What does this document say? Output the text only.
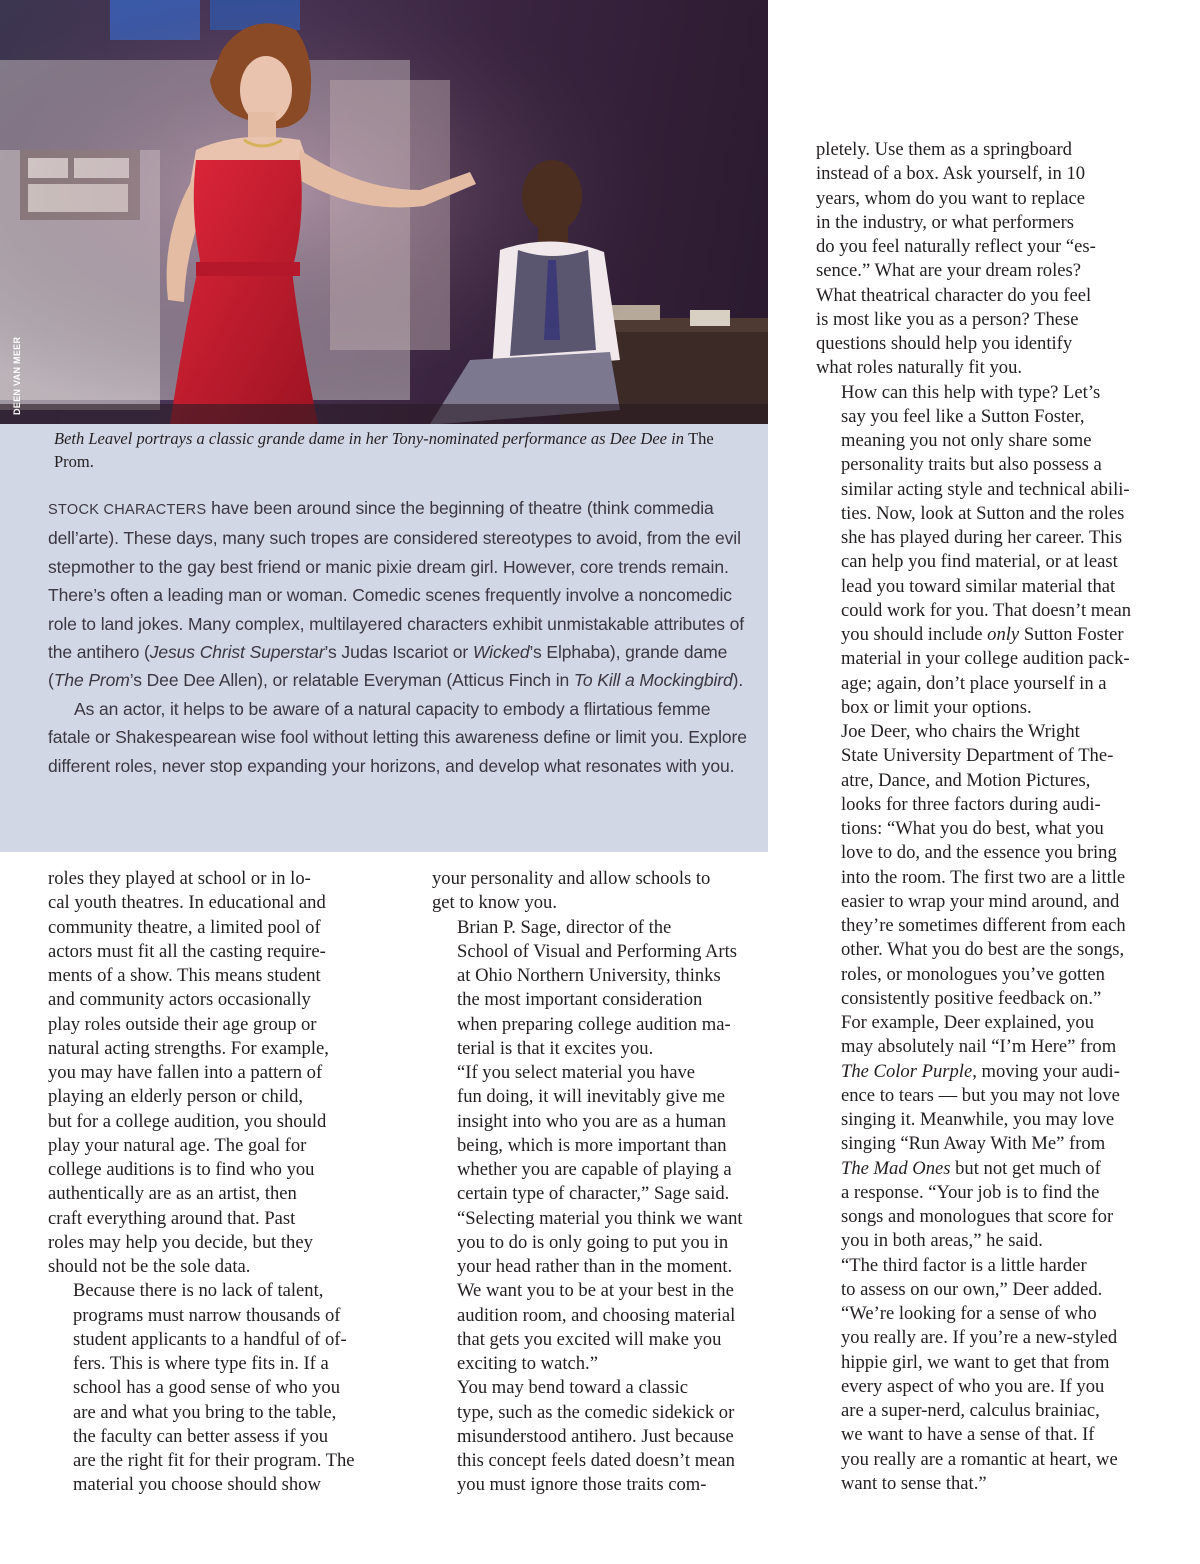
DEEN VAN MEER
Beth Leavel portrays a classic grande dame in her Tony-nominated performance as Dee Dee in The Prom.

STOCK CHARACTERS have been around since the beginning of theatre (think commedia dell’arte). These days, many such tropes are considered stereotypes to avoid, from the evil stepmother to the gay best friend or manic pixie dream girl. However, core trends remain. There’s often a leading man or woman. Comedic scenes frequently involve a noncomedic role to land jokes. Many complex, multilayered characters exhibit unmistakable attributes of the antihero (Jesus Christ Superstar’s Judas Iscariot or Wicked’s Elphaba), grande dame (The Prom’s Dee Dee Allen), or relatable Everyman (Atticus Finch in To Kill a Mockingbird).

As an actor, it helps to be aware of a natural capacity to embody a flirtatious femme fatale or Shakespearean wise fool without letting this awareness define or limit you. Explore different roles, never stop expanding your horizons, and develop what resonates with you.

roles they played at school or in lo-
cal youth theatres. In educational and
community theatre, a limited pool of
actors must fit all the casting require-
ments of a show. This means student
and community actors occasionally
play roles outside their age group or
natural acting strengths. For example,
you may have fallen into a pattern of
playing an elderly person or child,
but for a college audition, you should
play your natural age. The goal for
college auditions is to find who you
authentically are as an artist, then
craft everything around that. Past
roles may help you decide, but they
should not be the sole data.

Because there is no lack of talent,
programs must narrow thousands of
student applicants to a handful of of-
fers. This is where type fits in. If a
school has a good sense of who you
are and what you bring to the table,
the faculty can better assess if you
are the right fit for their program. The
material you choose should show

your personality and allow schools to
get to know you.

Brian P. Sage, director of the
School of Visual and Performing Arts
at Ohio Northern University, thinks
the most important consideration
when preparing college audition ma-
terial is that it excites you.

“If you select material you have
fun doing, it will inevitably give me
insight into who you are as a human
being, which is more important than
whether you are capable of playing a
certain type of character,” Sage said.
“Selecting material you think we want
you to do is only going to put you in
your head rather than in the moment.
We want you to be at your best in the
audition room, and choosing material
that gets you excited will make you
exciting to watch.”

You may bend toward a classic
type, such as the comedic sidekick or
misunderstood antihero. Just because
this concept feels dated doesn’t mean
you must ignore those traits com-

pletely. Use them as a springboard
instead of a box. Ask yourself, in 10
years, whom do you want to replace
in the industry, or what performers
do you feel naturally reflect your “es-
sence.” What are your dream roles?
What theatrical character do you feel
is most like you as a person? These
questions should help you identify
what roles naturally fit you.

How can this help with type? Let’s
say you feel like a Sutton Foster,
meaning you not only share some
personality traits but also possess a
similar acting style and technical abili-
ties. Now, look at Sutton and the roles
she has played during her career. This
can help you find material, or at least
lead you toward similar material that
could work for you. That doesn’t mean
you should include only Sutton Foster
material in your college audition pack-
age; again, don’t place yourself in a
box or limit your options.

Joe Deer, who chairs the Wright
State University Department of The-
atre, Dance, and Motion Pictures,
looks for three factors during audi-
tions: “What you do best, what you
love to do, and the essence you bring
into the room. The first two are a little
easier to wrap your mind around, and
they’re sometimes different from each
other. What you do best are the songs,
roles, or monologues you’ve gotten
consistently positive feedback on.”

For example, Deer explained, you
may absolutely nail “I’m Here” from
The Color Purple, moving your audi-
ence to tears — but you may not love
singing it. Meanwhile, you may love
singing “Run Away With Me” from
The Mad Ones but not get much of
a response. “Your job is to find the
songs and monologues that score for
you in both areas,” he said.

“The third factor is a little harder
to assess on our own,” Deer added.
“We’re looking for a sense of who
you really are. If you’re a new-styled
hippie girl, we want to get that from
every aspect of who you are. If you
are a super-nerd, calculus brainiac,
we want to have a sense of that. If
you really are a romantic at heart, we
want to sense that.”
